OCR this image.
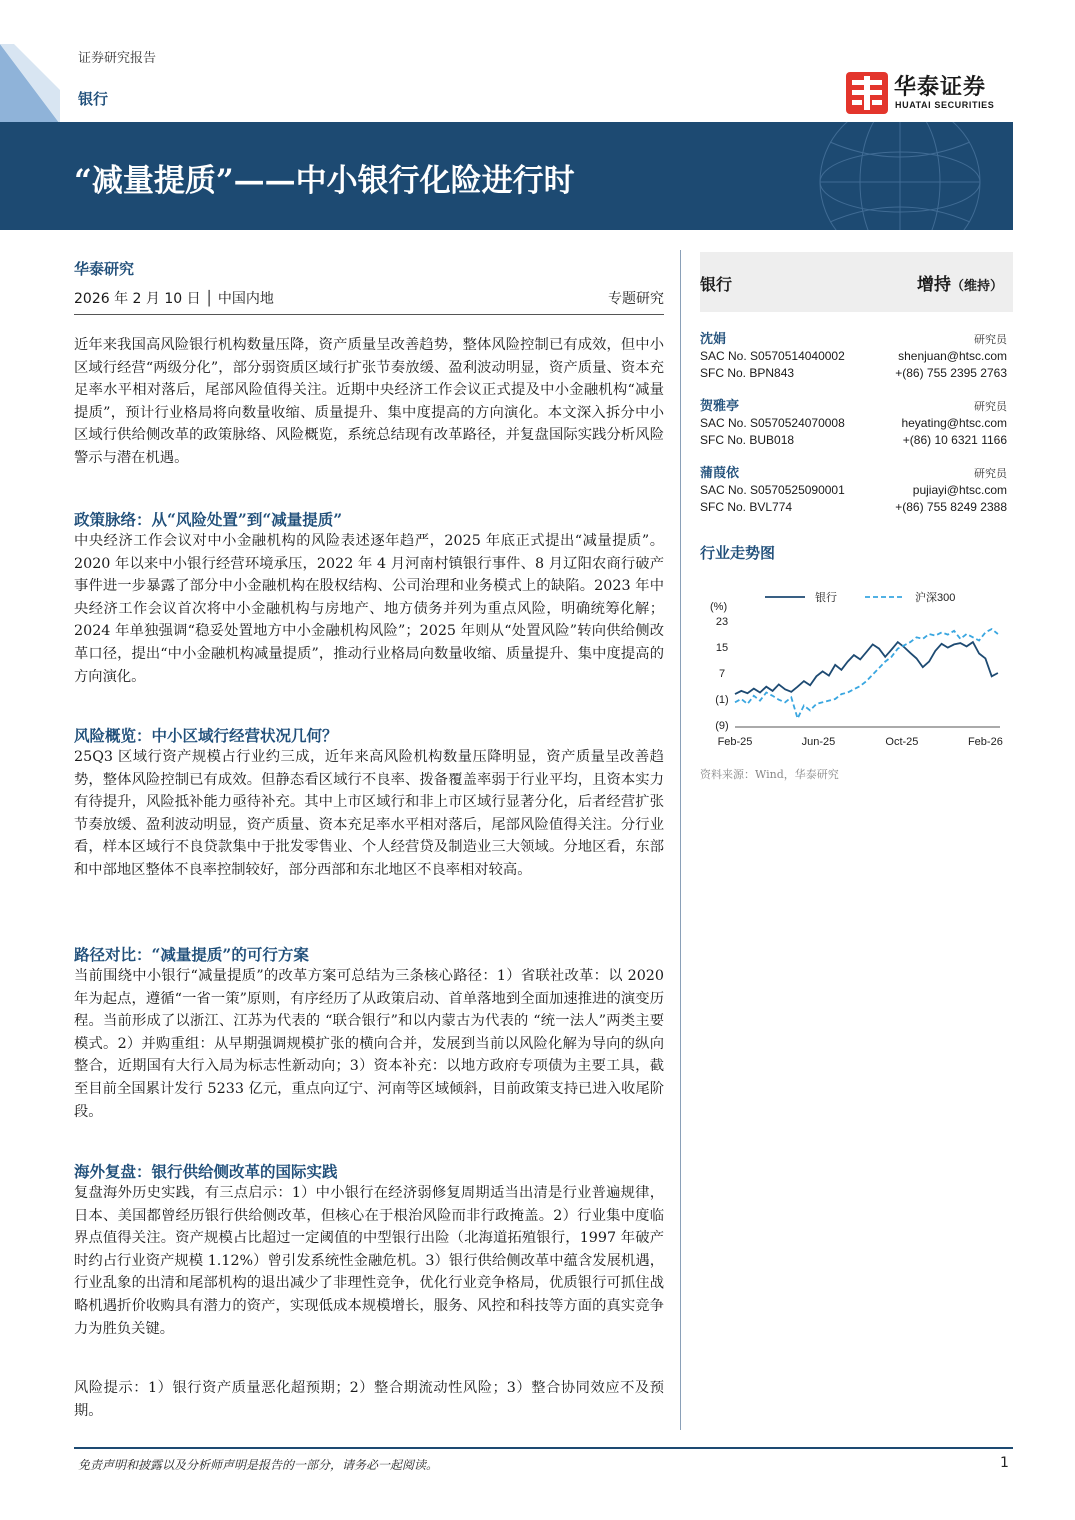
证券研究报告
银行	华泰证券
HUATAI SECURITIES
“减量提质”——中小银行化险进行时
华泰研究
2026 年 2 月 10 日 │ 中国内地	专题研究
近年来我国高风险银行机构数量压降，资产质量呈改善趋势，整体风险控制已有成效，但中小区域行经营“两级分化”，部分弱资质区域行扩张节奏放缓、盈利波动明显，资产质量、资本充足率水平相对落后，尾部风险值得关注。近期中央经济工作会议正式提及中小金融机构“减量提质”，预计行业格局将向数量收缩、质量提升、集中度提高的方向演化。本文深入拆分中小区域行供给侧改革的政策脉络、风险概览，系统总结现有改革路径，并复盘国际实践分析风险警示与潜在机遇。
政策脉络：从“风险处置”到“减量提质”
中央经济工作会议对中小金融机构的风险表述逐年趋严，2025 年底正式提出“减量提质”。2020 年以来中小银行经营环境承压，2022 年 4 月河南村镇银行事件、8 月辽阳农商行破产事件进一步暴露了部分中小金融机构在股权结构、公司治理和业务模式上的缺陷。2023 年中央经济工作会议首次将中小金融机构与房地产、地方债务并列为重点风险，明确统筹化解；2024 年单独强调“稳妥处置地方中小金融机构风险”；2025 年则从“处置风险”转向供给侧改革口径，提出“中小金融机构减量提质”，推动行业格局向数量收缩、质量提升、集中度提高的方向演化。
风险概览：中小区域行经营状况几何？
25Q3 区域行资产规模占行业约三成，近年来高风险机构数量压降明显，资产质量呈改善趋势，整体风险控制已有成效。但静态看区域行不良率、拨备覆盖率弱于行业平均，且资本实力有待提升，风险抵补能力亟待补充。其中上市区域行和非上市区域行显著分化，后者经营扩张节奏放缓、盈利波动明显，资产质量、资本充足率水平相对落后，尾部风险值得关注。分行业看，样本区域行不良贷款集中于批发零售业、个人经营贷及制造业三大领域。分地区看，东部和中部地区整体不良率控制较好，部分西部和东北地区不良率相对较高。
路径对比：“减量提质”的可行方案
当前围绕中小银行“减量提质”的改革方案可总结为三条核心路径：1）省联社改革：以 2020 年为起点，遵循“一省一策”原则，有序经历了从政策启动、首单落地到全面加速推进的演变历程。当前形成了以浙江、江苏为代表的 “联合银行”和以内蒙古为代表的 “统一法人”两类主要模式。2）并购重组：从早期强调规模扩张的横向合并，发展到当前以风险化解为导向的纵向整合，近期国有大行入局为标志性新动向；3）资本补充：以地方政府专项债为主要工具，截至目前全国累计发行 5233 亿元，重点向辽宁、河南等区域倾斜，目前政策支持已进入收尾阶段。
海外复盘：银行供给侧改革的国际实践
复盘海外历史实践，有三点启示：1）中小银行在经济弱修复周期适当出清是行业普遍规律，日本、美国都曾经历银行供给侧改革，但核心在于根治风险而非行政掩盖。2）行业集中度临界点值得关注。资产规模占比超过一定阈值的中型银行出险（北海道拓殖银行，1997 年破产时约占行业资产规模 1.12%）曾引发系统性金融危机。3）银行供给侧改革中蕴含发展机遇，行业乱象的出清和尾部机构的退出减少了非理性竞争，优化行业竞争格局，优质银行可抓住战略机遇折价收购具有潜力的资产，实现低成本规模增长，服务、风控和科技等方面的真实竞争力为胜负关键。
风险提示：1）银行资产质量恶化超预期；2）整合期流动性风险；3）整合协同效应不及预期。
银行	增持（维持）
沈娟	研究员
SAC No. S0570514040002	shenjuan@htsc.com
SFC No. BPN843	+(86) 755 2395 2763
贺雅亭	研究员
SAC No. S0570524070008	heyating@htsc.com
SFC No. BUB018	+(86) 10 6321 1166
蒲葭依	研究员
SAC No. S0570525090001	pujiayi@htsc.com
SFC No. BVL774	+(86) 755 8249 2388
行业走势图
(%)
23
15
7
(1)
(9)
Feb-25	Jun-25	Oct-25	Feb-26
银行	沪深300
资料来源：Wind，华泰研究
免责声明和披露以及分析师声明是报告的一部分，请务必一起阅读。	1
